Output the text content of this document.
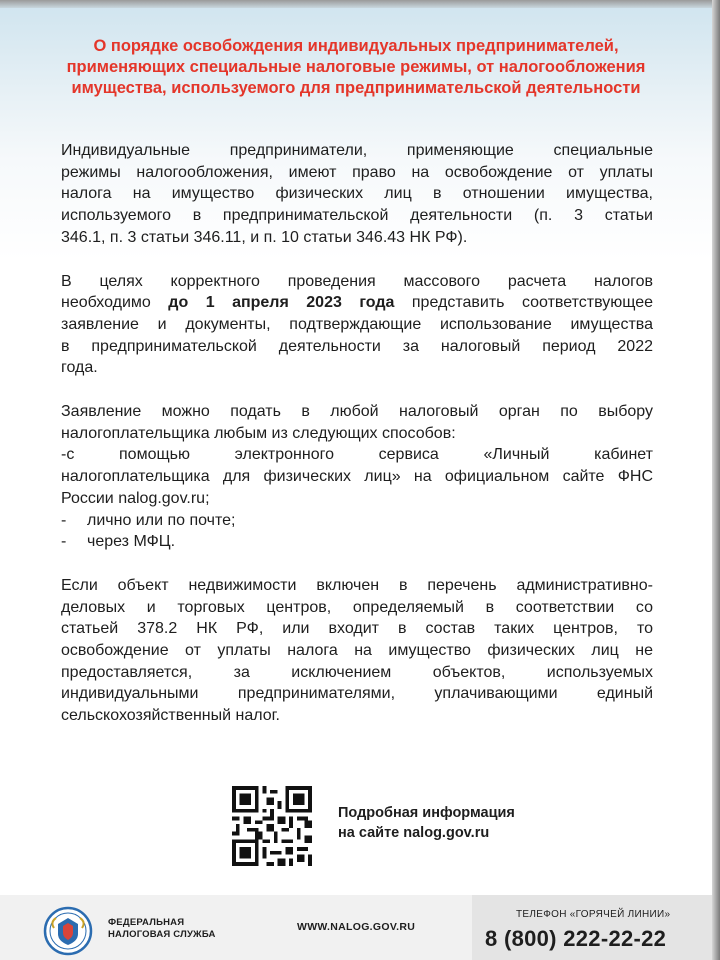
О порядке освобождения индивидуальных предпринимателей,
применяющих специальные налоговые режимы, от налогообложения
имущества, используемого для предпринимательской деятельности

Индивидуальные предприниматели, применяющие специальные
режимы налогообложения, имеют право на освобождение от уплаты
налога на имущество физических лиц в отношении имущества,
используемого в предпринимательской деятельности (п. 3 статьи
346.1, п. 3 статьи 346.11, и п. 10 статьи 346.43 НК РФ).

В целях корректного проведения массового расчета налогов
необходимо до 1 апреля 2023 года представить соответствующее
заявление и документы, подтверждающие использование имущества
в предпринимательской деятельности за налоговый период 2022
года.

Заявление можно подать в любой налоговый орган по выбору
налогоплательщика любым из следующих способов:
-с помощью электронного сервиса «Личный кабинет
налогоплательщика для физических лиц» на официальном сайте ФНС
России nalog.gov.ru;
- лично или по почте;
- через МФЦ.

Если объект недвижимости включен в перечень административно-
деловых и торговых центров, определяемый в соответствии со
статьей 378.2 НК РФ, или входит в состав таких центров, то
освобождение от уплаты налога на имущество физических лиц не
предоставляется, за исключением объектов, используемых
индивидуальными предпринимателями, уплачивающими единый
сельскохозяйственный налог.

Подробная информация
на сайте nalog.gov.ru
ФЕДЕРАЛЬНАЯ
НАЛОГОВАЯ СЛУЖБА
WWW.NALOG.GOV.RU
ТЕЛЕФОН «ГОРЯЧЕЙ ЛИНИИ»
8 (800) 222-22-22
